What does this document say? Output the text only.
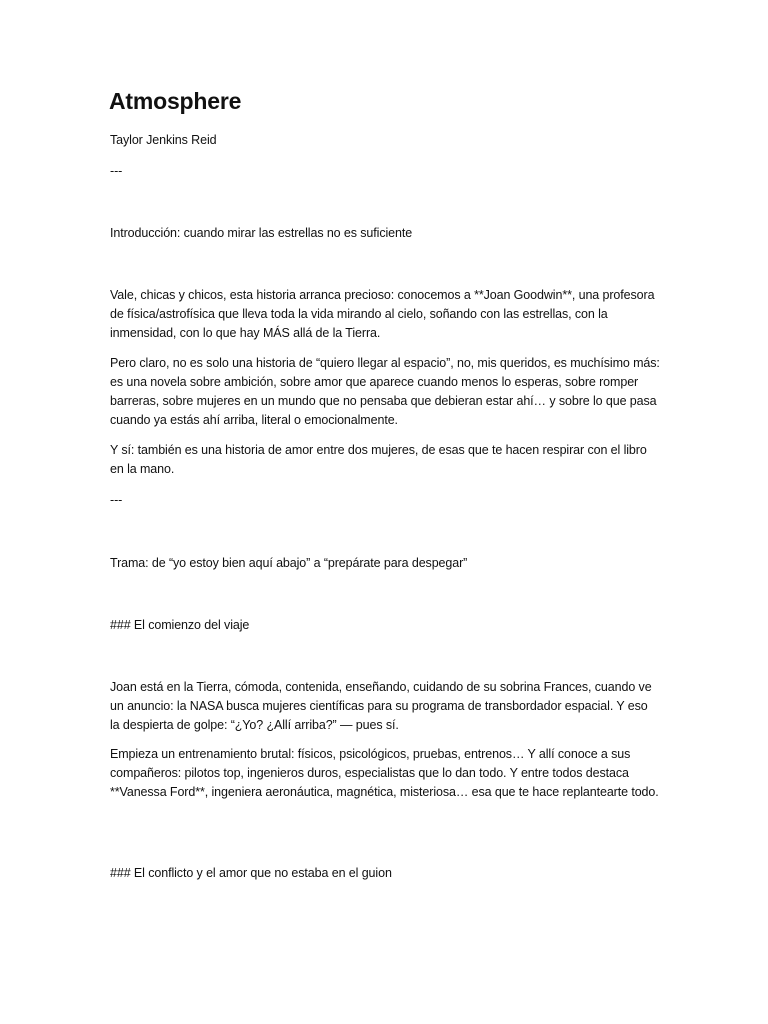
Atmosphere

Taylor Jenkins Reid

---

Introducción: cuando mirar las estrellas no es suficiente

Vale, chicas y chicos, esta historia arranca precioso: conocemos a **Joan Goodwin**, una profesora de física/astrofísica que lleva toda la vida mirando al cielo, soñando con las estrellas, con la inmensidad, con lo que hay MÁS allá de la Tierra.

Pero claro, no es solo una historia de “quiero llegar al espacio”, no, mis queridos, es muchísimo más: es una novela sobre ambición, sobre amor que aparece cuando menos lo esperas, sobre romper barreras, sobre mujeres en un mundo que no pensaba que debieran estar ahí… y sobre lo que pasa cuando ya estás ahí arriba, literal o emocionalmente.

Y sí: también es una historia de amor entre dos mujeres, de esas que te hacen respirar con el libro en la mano.

---

Trama: de “yo estoy bien aquí abajo” a “prepárate para despegar”

### El comienzo del viaje

Joan está en la Tierra, cómoda, contenida, enseñando, cuidando de su sobrina Frances, cuando ve un anuncio: la NASA busca mujeres científicas para su programa de transbordador espacial. Y eso la despierta de golpe: “¿Yo? ¿Allí arriba?” — pues sí.

Empieza un entrenamiento brutal: físicos, psicológicos, pruebas, entrenos… Y allí conoce a sus compañeros: pilotos top, ingenieros duros, especialistas que lo dan todo. Y entre todos destaca **Vanessa Ford**, ingeniera aeronáutica, magnética, misteriosa… esa que te hace replantearte todo.

### El conflicto y el amor que no estaba en el guion
